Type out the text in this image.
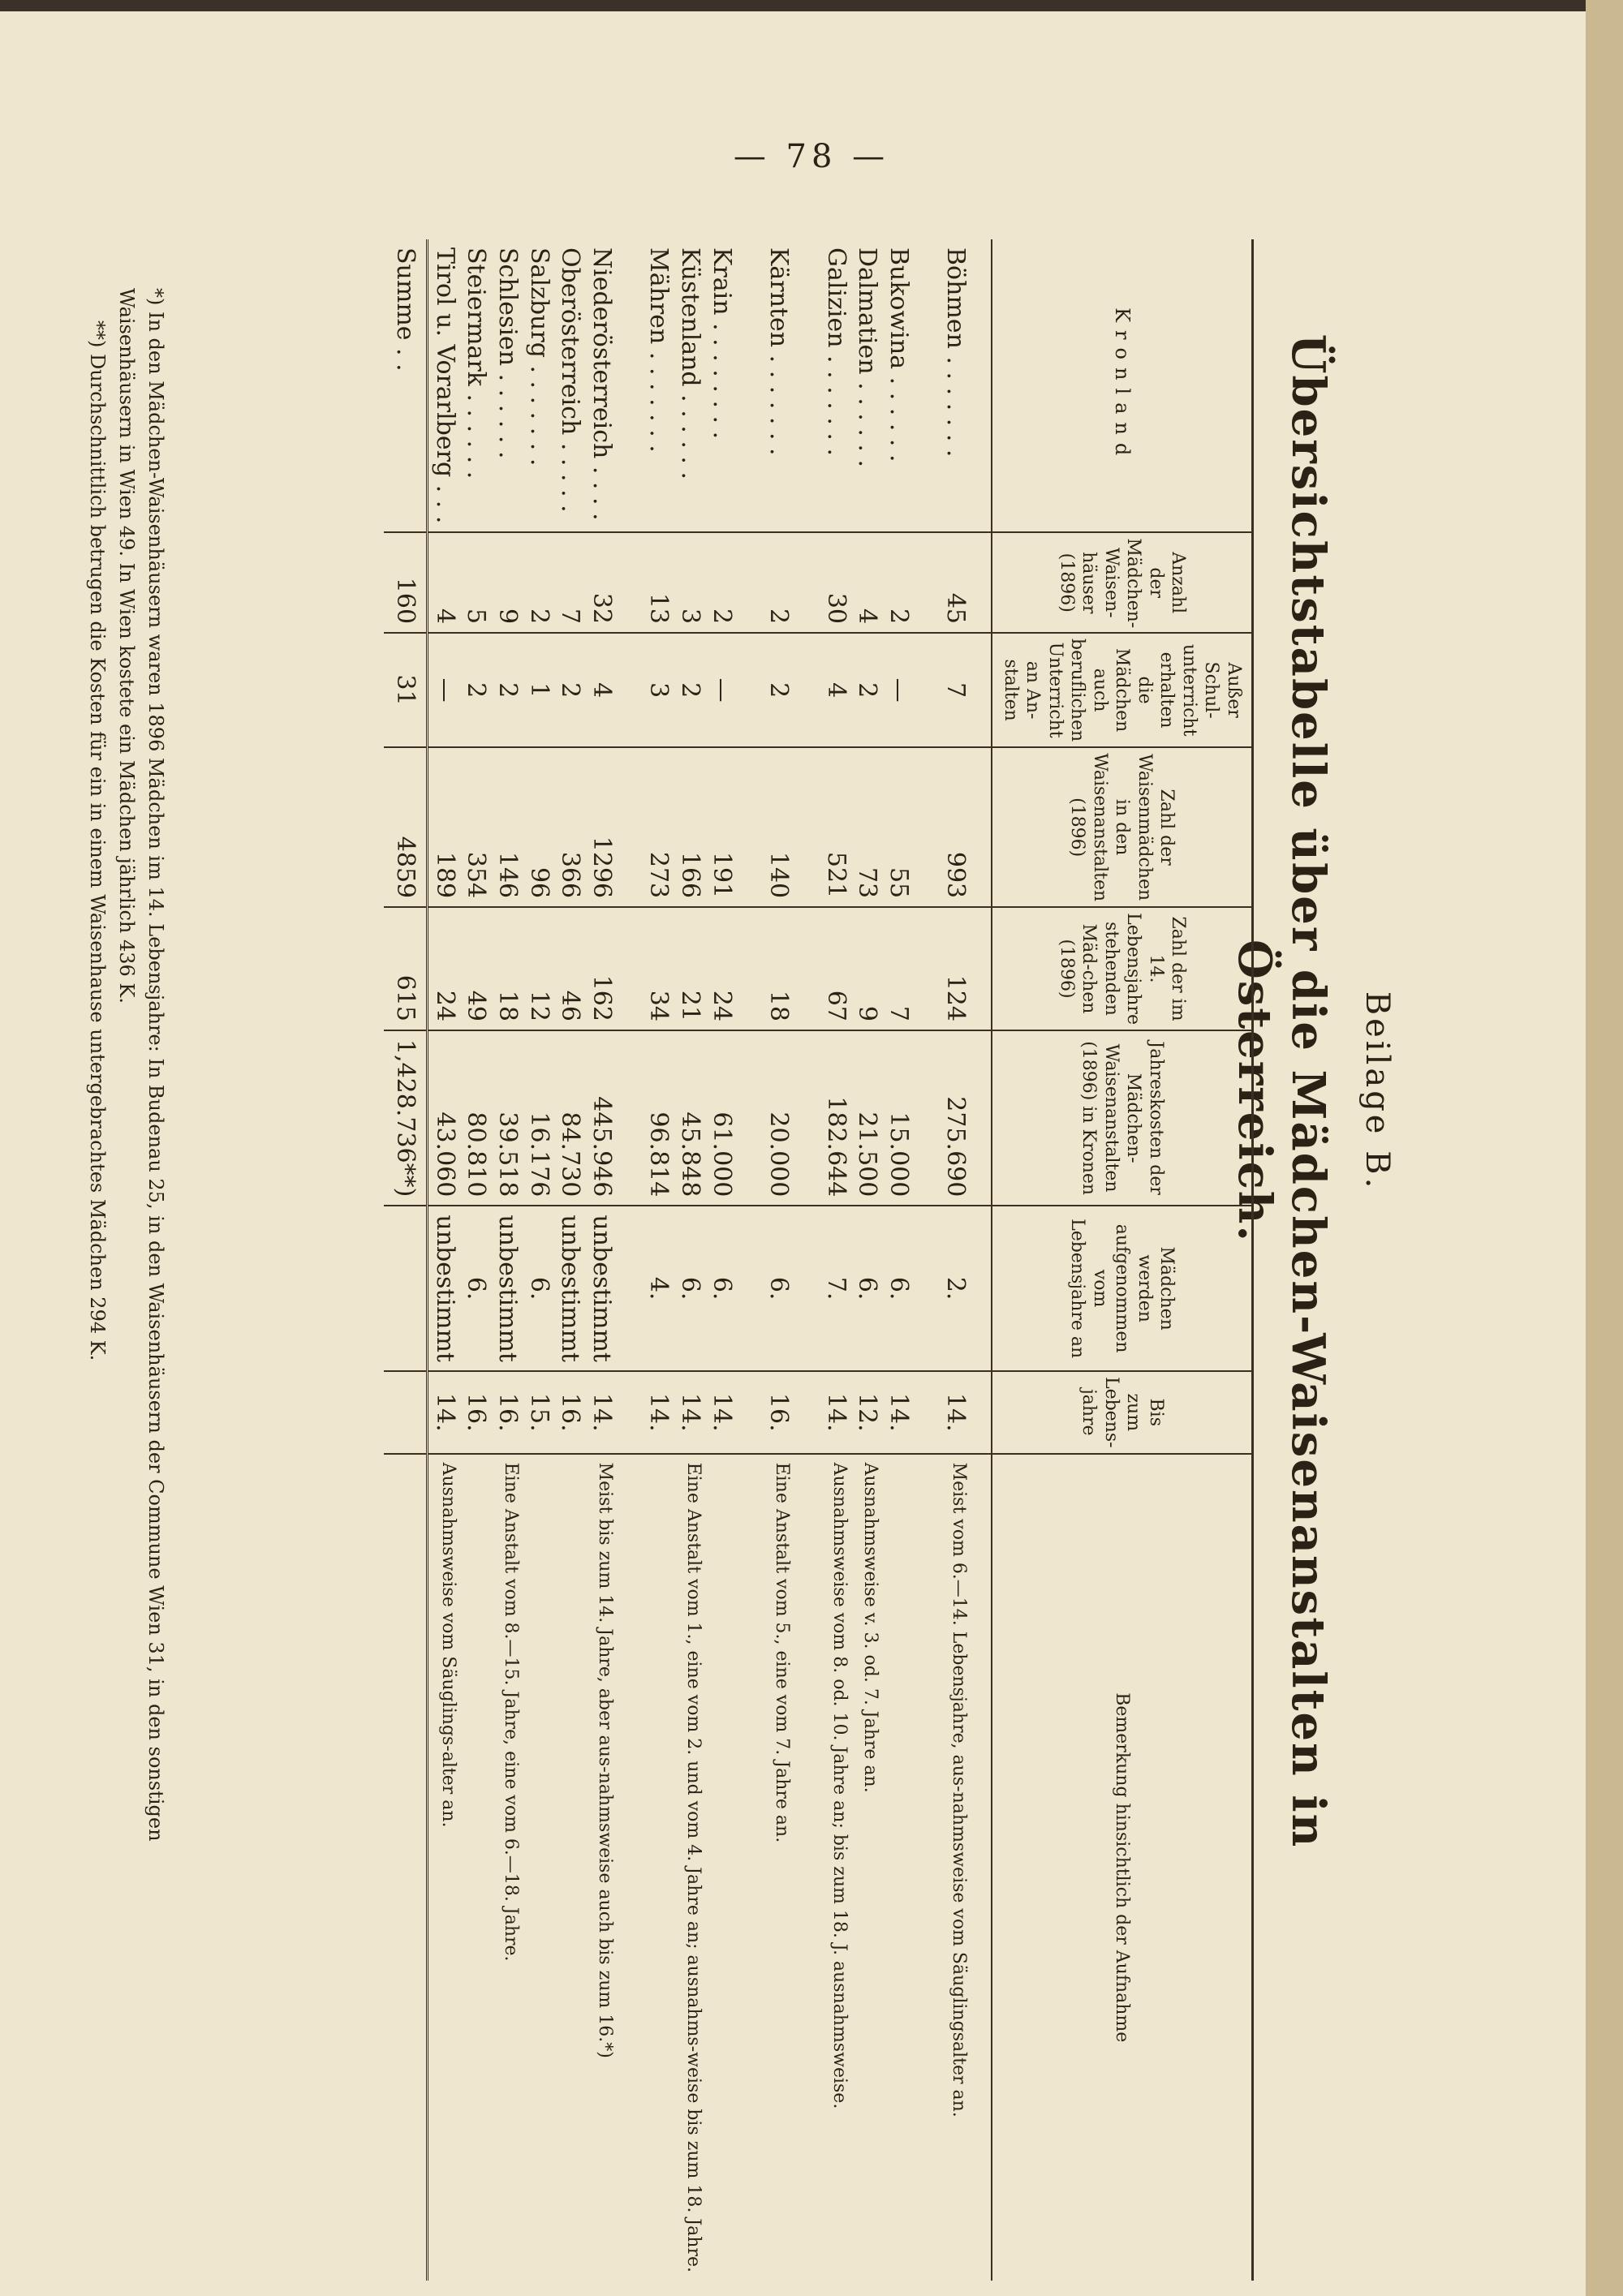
— 78 —
Beilage B.
Übersichtstabelle über die Mädchen-Waisenanstalten in Österreich.
Kronland	Anzahl der Mädchen-Waisen-häuser (1896)	Außer Schul-unterricht erhalten die Mädchen auch beruflichen Unterricht an An-stalten	Zahl der Waisenmädchen in den Waisenanstalten (1896)	Zahl der im 14. Lebensjahre stehenden Mäd-chen (1896)	Jahreskosten der Mädchen-Waisenanstalten (1896) in Kronen	Mädchen werden aufgenommen vom Lebensjahre an	Bis zum Lebens-jahre	Bemerkung hinsichtlich der Aufnahme
Böhmen . . . . . . .	45	7	993	124	275.690	2.	14.	Meist vom 6.—14. Lebensjahre, aus-nahmsweise vom Säuglingsalter an.

Bukowina . . . . . .	2	—	55	7	15.000	6.	14.	
Dalmatien . . . . . .	4	2	73	9	21.500	6.	12.	Ausnahmsweise v. 3. od. 7. Jahre an.
Galizien . . . . . . .	30	4	521	67	182.644	7.	14.	Ausnahmsweise vom 8. od. 10. Jahre an; bis zum 18. J. ausnahmsweise.

Kärnten . . . . . . .	2	2	140	18	20.000	6.	16.	Eine Anstalt vom 5., eine vom 7. Jahre an.

Krain . . . . . . . .	2	—	191	24	61.000	6.	14.	
Küstenland . . . . . .	3	2	166	21	45.848	6.	14.	Eine Anstalt vom 1., eine vom 2. und vom 4. Jahre an; ausnahms-weise bis zum 18. Jahre.
Mähren . . . . . . .	13	3	273	34	96.814	4.	14.	

Niederösterreich . . . .	32	4	1296	162	445.946	unbestimmt	14.	Meist bis zum 14. Jahre, aber aus-nahmsweise auch bis zum 16.*)
Oberösterreich . . . . .	7	2	366	46	84.730	unbestimmt	16.	
Salzburg . . . . . . .	2	1	96	12	16.176	6.	15.	
Schlesien . . . . . .	9	2	146	18	39.518	unbestimmt	16.	Eine Anstalt vom 8.—15. Jahre, eine vom 6.—18. Jahre.
Steiermark . . . . . .	5	2	354	49	80.810	6.	16.	
Tirol u. Vorarlberg . . .	4	—	189	24	43.060	unbestimmt	14.	Ausnahmsweise vom Säuglings-alter an.
Summe . .	160	31	4859	615	1,428.736**)			
*) In den Mädchen-Waisenhäusern waren 1896 Mädchen im 14. Lebensjahre: In Budenau 25, in den Waisenhäusern der Commune Wien 31, in den sonstigen
Waisenhäusern in Wien 49. In Wien kostete ein Mädchen jährlich 436 K.
**) Durchschnittlich betrugen die Kosten für ein in einem Waisenhause untergebrachtes Mädchen 294 K.
